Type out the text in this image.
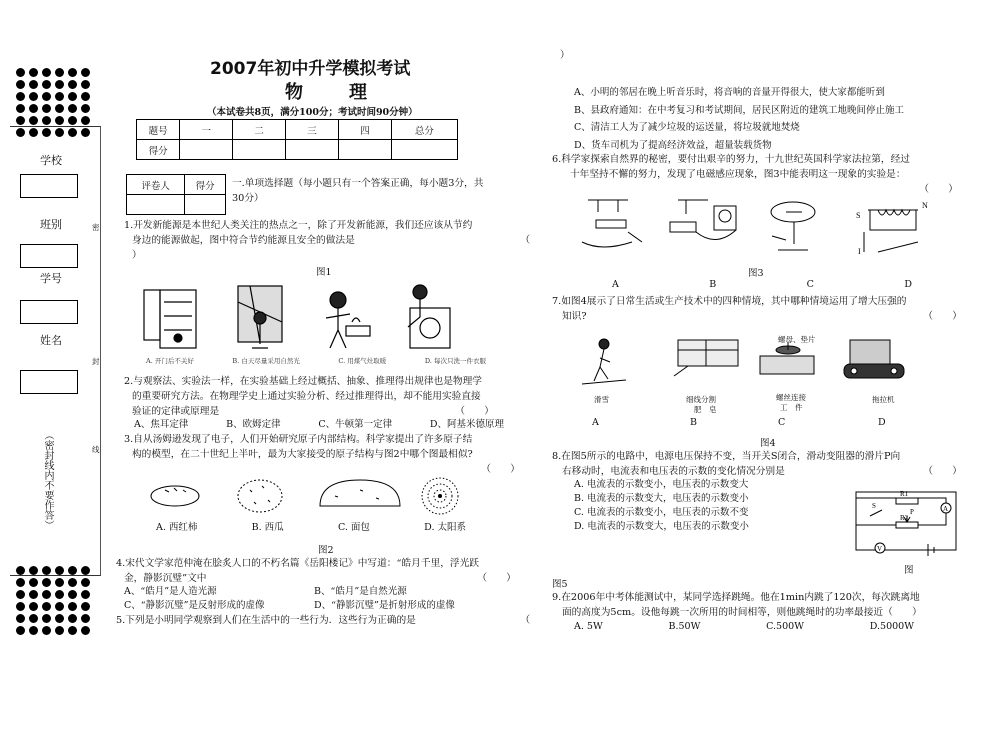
学校
班别
学号
姓名
密
封
线
（密封线内不要作答）
2007年初中升学模拟考试
物　理
（本试卷共8页，满分100分；考试时间90分钟）
题号	一	二	三	四	总分
得分					
评卷人	得分
	一.单项选择题（每小题只有一个答案正确，每小题3分，共

30分）

1.开发新能源是本世纪人类关注的热点之一，除了开发新能源，我们还应该从节约

身边的能源做起，图中符合节约能源且安全的做法是	（

）

图1
A. 开门后不关好	B. 白天尽量采用自然光	C. 用煤气灶取暖	D. 每次只洗一件衣服

2.与观察法、实验法一样，在实验基础上经过概括、抽象、推理得出规律也是物理学

的重要研究方法。在物理学史上通过实验分析、经过推理得出，却不能用实验直接

验证的定律或原理是	（　　）

A、焦耳定律	B、欧姆定律	C、牛顿第一定律	D、阿基米德原理

3.自从汤姆逊发现了电子，人们开始研究原子内部结构。科学家提出了许多原子结

构的模型，在二十世纪上半叶，最为大家接受的原子结构与图2中哪个图最相似?

（　　）

A. 西红柿	B. 西瓜	C. 面包	D. 太阳系
图2

4.宋代文学家范仲淹在脍炙人口的不朽名篇《岳阳楼记》中写道：“皓月千里，浮光跃

金，静影沉璧”文中	（　　）

A、“皓月”是人造光源	B、“皓月”是自然光源
C、“静影沉璧”是反射形成的虚像	D、“静影沉璧”是折射形成的虚像

5.下列是小明同学观察到人们在生活中的一些行为．这些行为正确的是	（

）
A、小明的邻居在晚上听音乐时，将音响的音量开得很大，使大家都能听到
B、县政府通知：在中考复习和考试期间，居民区附近的建筑工地晚间停止施工
C、清洁工人为了减少垃圾的运送量，将垃圾就地焚烧
D、货车司机为了提高经济效益，超量装载货物

6.科学家探索自然界的秘密，要付出艰辛的努力，十九世纪英国科学家法拉第，经过

十年坚持不懈的努力，发现了电磁感应现象，图3中能表明这一现象的实验是：

（　　）

S
N
I
A	B	C	D
图3

7.如图4展示了日常生活或生产技术中的四种情境，其中哪种情境运用了增大压强的

知识?	（　　）

螺母、垫片
滑雪	细线分割
肥　皂
螺丝连接
工　件
拖拉机
A	B	C	D
图4

8.在图5所示的电路中，电源电压保持不变，当开关S闭合，滑动变阻器的滑片P向

右移动时，电流表和电压表的示数的变化情况分别是	（　　）

A. 电流表的示数变小，电压表的示数变大
B. 电流表的示数变大，电压表的示数变小
C. 电流表的示数变小，电压表的示数不变
D. 电流表的示数变大，电压表的示数变小
R1
S
R2
P	A
V
图
图5

9.在2006年中考体能测试中，某同学选择跳绳。他在1min内跳了120次，每次跳离地

面的高度为5cm。设他每跳一次所用的时间相等，则他跳绳时的功率最接近（　　）

A. 5W	B.50W	C.500W	D.5000W
